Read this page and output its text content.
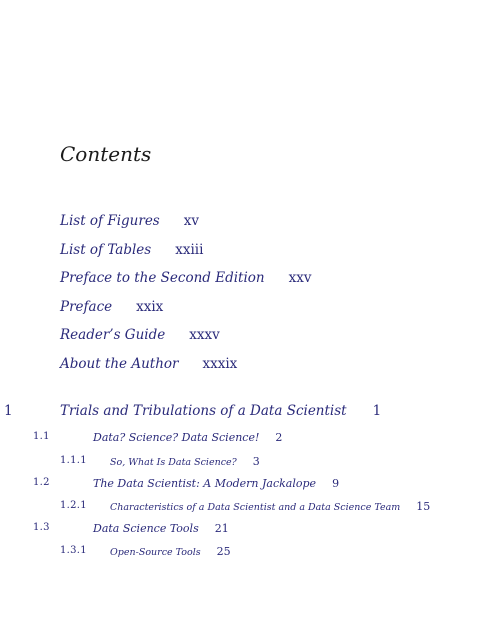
Contents
List of Figures xv
List of Tables xxiii
Preface to the Second Edition xxv
Preface xxix
Reader’s Guide xxxv
About the Author xxxix
1	Trials and Tribulations of a Data Scientist 1
1.1	Data? Science? Data Science! 2
1.1.1	So, What Is Data Science? 3
1.2	The Data Scientist: A Modern Jackalope 9
1.2.1	Characteristics of a Data Scientist and a Data Science Team 15
1.3	Data Science Tools 21
1.3.1	Open-Source Tools 25
